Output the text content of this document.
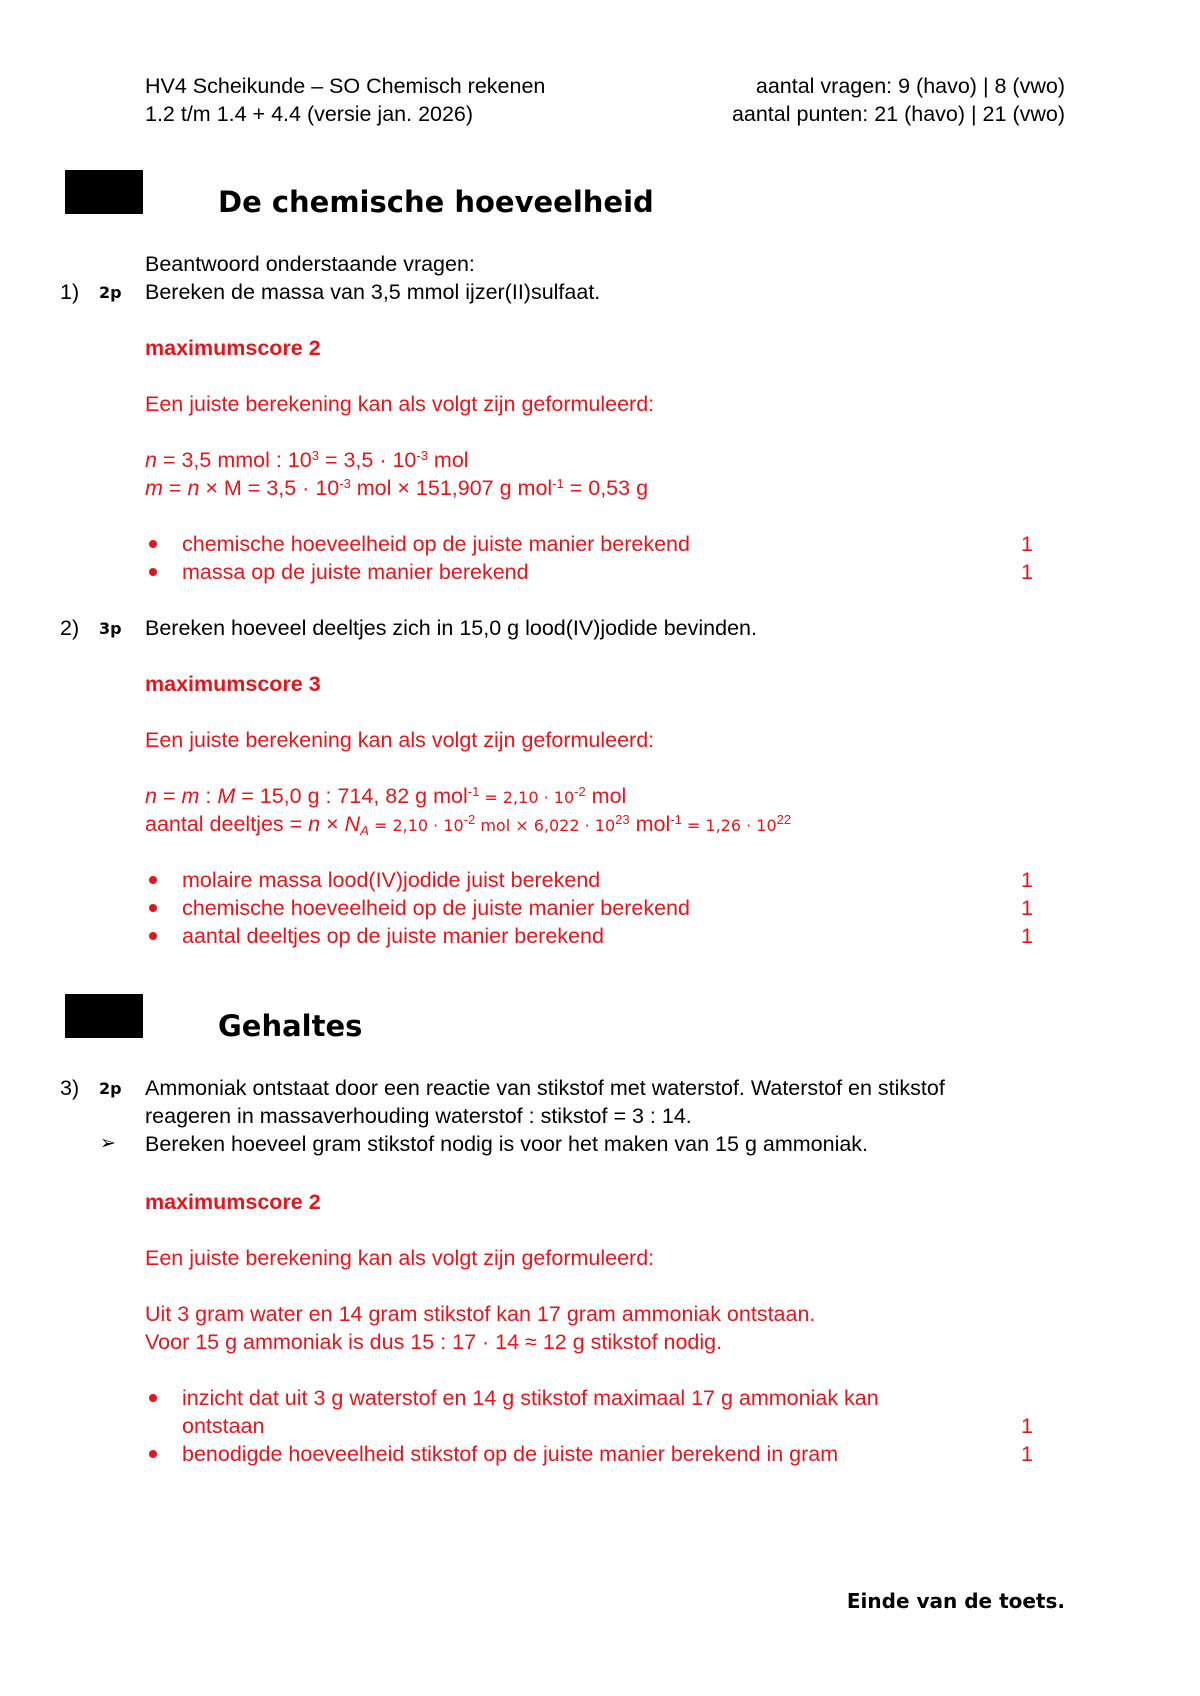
HV4 Scheikunde – SO Chemisch rekenen
1.2 t/m 1.4 + 4.4 (versie jan. 2026)
aantal vragen: 9 (havo) | 8 (vwo)
aantal punten: 21 (havo) | 21 (vwo)
De chemische hoeveelheid
Beantwoord onderstaande vragen:
1) 2p Bereken de massa van 3,5 mmol ijzer(II)sulfaat.
maximumscore 2
Een juiste berekening kan als volgt zijn geformuleerd:
n = 3,5 mmol : $10^3 = 3,5 \cdot 10^{-3}$ mol
$m = n \times M = 3,5 \cdot 10^{-3}$ mol × 151,907 g mol$^{-1}$ = 0,53 g
chemische hoeveelheid op de juiste manier berekend	1
massa op de juiste manier berekend	1
2) 3p Bereken hoeveel deeltjes zich in 15,0 g lood(IV)jodide bevinden.
maximumscore 3
Een juiste berekening kan als volgt zijn geformuleerd:
n = m : M = 15,0 g : 714, 82 g $mol^{-1} = 2,10 \cdot 10^{-2}$ mol
aantal deeltjes = $n \times N_A = 2,10 \cdot 10^{-2}$ mol × $6,022 \cdot 10^{23}$ $mol^{-1} = 1,26 \cdot 10^{22}$
molaire massa lood(IV)jodide juist berekend	1
chemische hoeveelheid op de juiste manier berekend	1
aantal deeltjes op de juiste manier berekend	1
Gehaltes
3) 2p Ammoniak ontstaat door een reactie van stikstof met waterstof. Waterstof en stikstof
reageren in massaverhouding waterstof : stikstof = 3 : 14.
➢ Bereken hoeveel gram stikstof nodig is voor het maken van 15 g ammoniak.
maximumscore 2
Een juiste berekening kan als volgt zijn geformuleerd:
Uit 3 gram water en 14 gram stikstof kan 17 gram ammoniak ontstaan.
Voor 15 g ammoniak is dus 15 : 17 · 14 ≈ 12 g stikstof nodig.
inzicht dat uit 3 g waterstof en 14 g stikstof maximaal 17 g ammoniak kan
ontstaan	1
benodigde hoeveelheid stikstof op de juiste manier berekend in gram	1
Einde van de toets.
